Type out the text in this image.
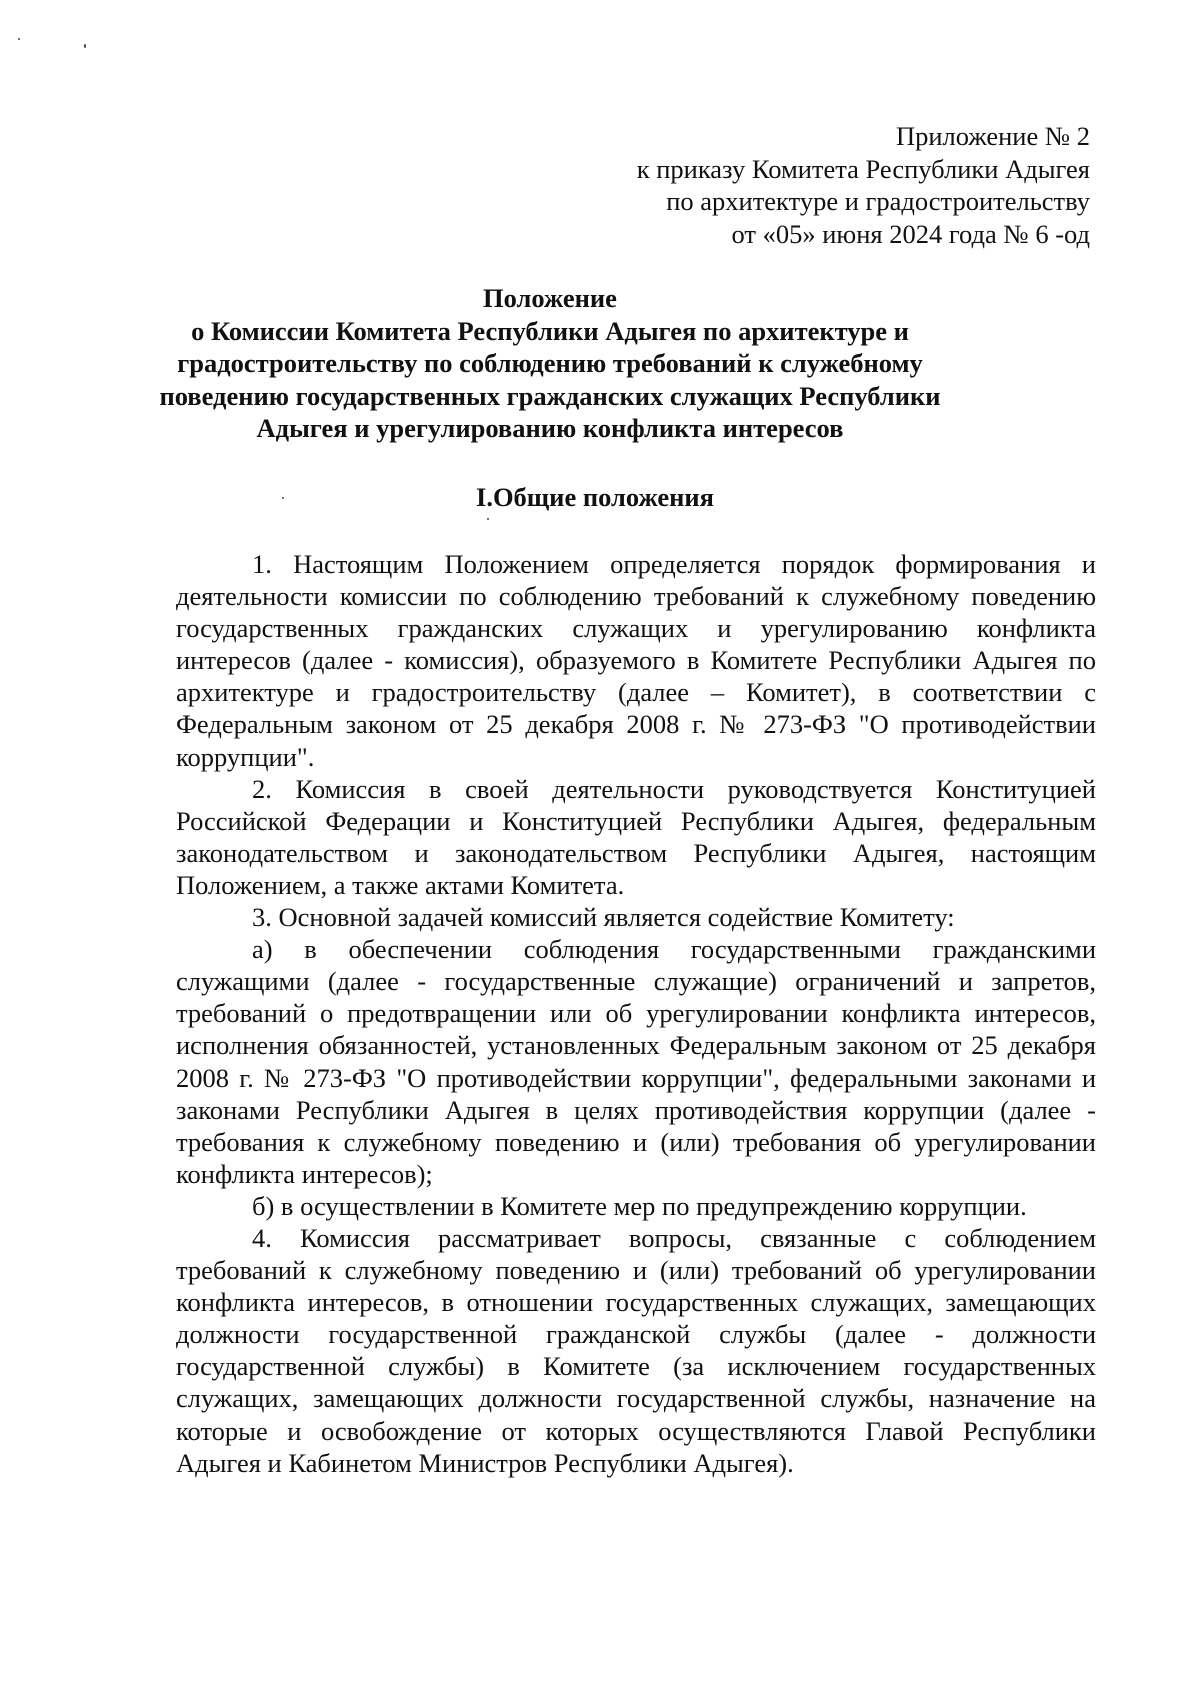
Приложение № 2
к приказу Комитета Республики Адыгея
по архитектуре и градостроительству
от «05» июня 2024 года № 6 -од
Положение
о Комиссии Комитета Республики Адыгея по архитектуре и
градостроительству по соблюдению требований к служебному
поведению государственных гражданских служащих Республики
Адыгея и урегулированию конфликта интересов
I.Общие положения

1. Настоящим Положением определяется порядок формирования и деятельности комиссии по соблюдению требований к служебному поведению государственных гражданских служащих и урегулированию конфликта интересов (далее - комиссия), образуемого в Комитете Республики Адыгея по архитектуре и градостроительству (далее – Комитет), в соответствии с Федеральным законом от 25 декабря 2008 г. № 273-ФЗ "О противодействии коррупции".

2. Комиссия в своей деятельности руководствуется Конституцией Российской Федерации и Конституцией Республики Адыгея, федеральным законодательством и законодательством Республики Адыгея, настоящим Положением, а также актами Комитета.

3. Основной задачей комиссий является содействие Комитету:

а) в обеспечении соблюдения государственными гражданскими служащими (далее - государственные служащие) ограничений и запретов, требований о предотвращении или об урегулировании конфликта интересов, исполнения обязанностей, установленных Федеральным законом от 25 декабря 2008 г. № 273-ФЗ "О противодействии коррупции", федеральными законами и законами Республики Адыгея в целях противодействия коррупции (далее - требования к служебному поведению и (или) требования об урегулировании конфликта интересов);

б) в осуществлении в Комитете мер по предупреждению коррупции.

4. Комиссия рассматривает вопросы, связанные с соблюдением требований к служебному поведению и (или) требований об урегулировании конфликта интересов, в отношении государственных служащих, замещающих должности государственной гражданской службы (далее - должности государственной службы) в Комитете (за исключением государственных служащих, замещающих должности государственной службы, назначение на которые и освобождение от которых осуществляются Главой Республики Адыгея и Кабинетом Министров Республики Адыгея).
